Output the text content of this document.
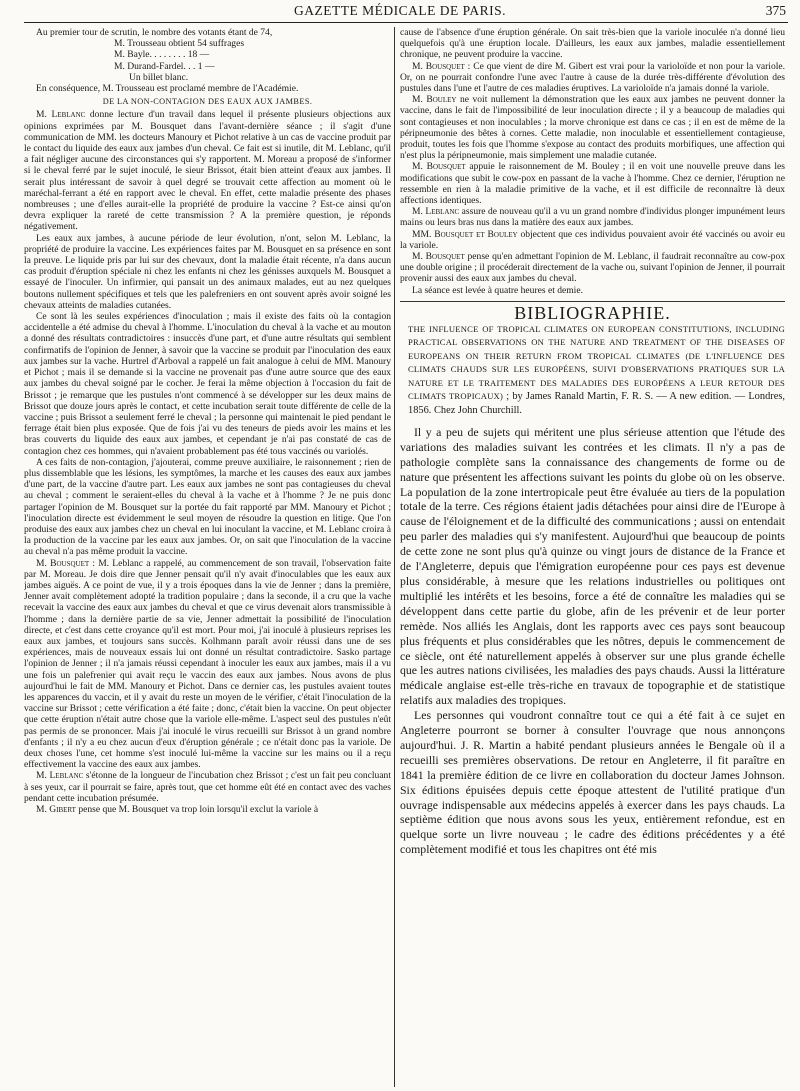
GAZETTE MÉDICALE DE PARIS.	375

Au premier tour de scrutin, le nombre des votants étant de 74,

M. Trousseau obtient 54 suffrages

M. Bayle. . . . . . . . 18 —

M. Durand-Fardel. . . 1 —

Un billet blanc.

En conséquence, M. Trousseau est proclamé membre de l'Académie.

DE LA NON-CONTAGION DES EAUX AUX JAMBES.

M. Leblanc donne lecture d'un travail dans lequel il présente plusieurs objections aux opinions exprimées par M. Bousquet dans l'avant-dernière séance ; il s'agit d'une communication de MM. les docteurs Manoury et Pichot relative à un cas de vaccine produit par le contact du liquide des eaux aux jambes d'un cheval. Ce fait est si inutile, dit M. Leblanc, qu'il a fait négliger aucune des circonstances qui s'y rapportent. M. Moreau a proposé de s'informer si le cheval ferré par le sujet inoculé, le sieur Brissot, était bien atteint d'eaux aux jambes. Il serait plus intéressant de savoir à quel degré se trouvait cette affection au moment où le maréchal-ferrant a été en rapport avec le cheval. En effet, cette maladie présente des phases nombreuses ; une d'elles aurait-elle la propriété de produire la vaccine ? Est-ce ainsi qu'on devra expliquer la rareté de cette transmission ? A la première question, je réponds négativement.

Les eaux aux jambes, à aucune période de leur évolution, n'ont, selon M. Leblanc, la propriété de produire la vaccine. Les expériences faites par M. Bousquet en sa présence en sont la preuve. Le liquide pris par lui sur des chevaux, dont la maladie était récente, n'a dans aucun cas produit d'éruption spéciale ni chez les enfants ni chez les génisses auxquels M. Bousquet a essayé de l'inoculer. Un infirmier, qui pansait un des animaux malades, eut au nez quelques boutons nullement spécifiques et tels que les palefreniers en ont souvent après avoir soigné les chevaux atteints de maladies cutanées.

Ce sont là les seules expériences d'inoculation ; mais il existe des faits où la contagion accidentelle a été admise du cheval à l'homme. L'inoculation du cheval à la vache et au mouton a donné des résultats contradictoires : insuccès d'une part, et d'une autre résultats qui semblent confirmatifs de l'opinion de Jenner, à savoir que la vaccine se produit par l'inoculation des eaux aux jambes sur la vache. Hurtrel d'Arboval a rappelé un fait analogue à celui de MM. Manoury et Pichot ; mais il se demande si la vaccine ne provenait pas d'une autre source que des eaux aux jambes du cheval soigné par le cocher. Je ferai la même objection à l'occasion du fait de Brissot ; je remarque que les pustules n'ont commencé à se développer sur les deux mains de Brissot que douze jours après le contact, et cette incubation serait toute différente de celle de la vaccine ; puis Brissot a seulement ferré le cheval ; la personne qui maintenait le pied pendant le ferrage était bien plus exposée. Que de fois j'ai vu des teneurs de pieds avoir les mains et les bras couverts du liquide des eaux aux jambes, et cependant je n'ai pas constaté de cas de contagion chez ces hommes, qui n'avaient probablement pas été tous vaccinés ou variolés.

A ces faits de non-contagion, j'ajouterai, comme preuve auxiliaire, le raisonnement ; rien de plus dissemblable que les lésions, les symptômes, la marche et les causes des eaux aux jambes d'une part, de la vaccine d'autre part. Les eaux aux jambes ne sont pas contagieuses du cheval au cheval ; comment le seraient-elles du cheval à la vache et à l'homme ? Je ne puis donc partager l'opinion de M. Bousquet sur la portée du fait rapporté par MM. Manoury et Pichot ; l'inoculation directe est évidemment le seul moyen de résoudre la question en litige. Que l'on produise des eaux aux jambes chez un cheval en lui inoculant la vaccine, et M. Leblanc croira à la production de la vaccine par les eaux aux jambes. Or, on sait que l'inoculation de la vaccine au cheval n'a pas même produit la vaccine.

M. Bousquet : M. Leblanc a rappelé, au commencement de son travail, l'observation faite par M. Moreau. Je dois dire que Jenner pensait qu'il n'y avait d'inoculables que les eaux aux jambes aiguës. A ce point de vue, il y a trois époques dans la vie de Jenner ; dans la première, Jenner avait complètement adopté la tradition populaire ; dans la seconde, il a cru que la vache recevait la vaccine des eaux aux jambes du cheval et que ce virus devenait alors transmissible à l'homme ; dans la dernière partie de sa vie, Jenner admettait la possibilité de l'inoculation directe, et c'est dans cette croyance qu'il est mort. Pour moi, j'ai inoculé à plusieurs reprises les eaux aux jambes, et toujours sans succès. Kolhmann paraît avoir réussi dans une de ses expériences, mais de nouveaux essais lui ont donné un résultat contradictoire. Sasko partage l'opinion de Jenner ; il n'a jamais réussi cependant à inoculer les eaux aux jambes, mais il a vu une fois un palefrenier qui avait reçu le vaccin des eaux aux jambes. Nous avons de plus aujourd'hui le fait de MM. Manoury et Pichot. Dans ce dernier cas, les pustules avaient toutes les apparences du vaccin, et il y avait du reste un moyen de le vérifier, c'était l'inoculation de la vaccine sur Brissot ; cette vérification a été faite ; donc, c'était bien la vaccine. On peut objecter que cette éruption n'était autre chose que la variole elle-même. L'aspect seul des pustules n'eût pas permis de se prononcer. Mais j'ai inoculé le virus recueilli sur Brissot à un grand nombre d'enfants ; il n'y a eu chez aucun d'eux d'éruption générale ; ce n'était donc pas la variole. De deux choses l'une, cet homme s'est inoculé lui-même la vaccine sur les mains ou il a reçu effectivement la vaccine des eaux aux jambes.

M. Leblanc s'étonne de la longueur de l'incubation chez Brissot ; c'est un fait peu concluant à ses yeux, car il pourrait se faire, après tout, que cet homme eût été en contact avec des vaches pendant cette incubation présumée.

M. Gibert pense que M. Bousquet va trop loin lorsqu'il exclut la variole à

cause de l'absence d'une éruption générale. On sait très-bien que la variole inoculée n'a donné lieu quelquefois qu'à une éruption locale. D'ailleurs, les eaux aux jambes, maladie essentiellement chronique, ne peuvent produire la vaccine.

M. Bousquet : Ce que vient de dire M. Gibert est vrai pour la varioloïde et non pour la variole. Or, on ne pourrait confondre l'une avec l'autre à cause de la durée très-différente d'évolution des pustules dans l'une et l'autre de ces maladies éruptives. La varioloïde n'a jamais donné la variole.

M. Bouley ne voit nullement la démonstration que les eaux aux jambes ne peuvent donner la vaccine, dans le fait de l'impossibilité de leur inoculation directe ; il y a beaucoup de maladies qui sont contagieuses et non inoculables ; la morve chronique est dans ce cas ; il en est de même de la péripneumonie des bêtes à cornes. Cette maladie, non inoculable et essentiellement contagieuse, produit, toutes les fois que l'homme s'expose au contact des produits morbifiques, une affection qui n'est plus la péripneumonie, mais simplement une maladie cutanée.

M. Bousquet appuie le raisonnement de M. Bouley ; il en voit une nouvelle preuve dans les modifications que subit le cow-pox en passant de la vache à l'homme. Chez ce dernier, l'éruption ne ressemble en rien à la maladie primitive de la vache, et il est difficile de reconnaître là deux affections identiques.

M. Leblanc assure de nouveau qu'il a vu un grand nombre d'individus plonger impunément leurs mains ou leurs bras nus dans la matière des eaux aux jambes.

MM. Bousquet et Bouley objectent que ces individus pouvaient avoir été vaccinés ou avoir eu la variole.

M. Bousquet pense qu'en admettant l'opinion de M. Leblanc, il faudrait reconnaître au cow-pox une double origine ; il procéderait directement de la vache ou, suivant l'opinion de Jenner, il pourrait provenir aussi des eaux aux jambes du cheval.

La séance est levée à quatre heures et demie.

BIBLIOGRAPHIE.

THE INFLUENCE OF TROPICAL CLIMATES ON EUROPEAN CONSTITUTIONS, INCLUDING PRACTICAL OBSERVATIONS ON THE NATURE AND TREATMENT OF THE DISEASES OF EUROPEANS ON THEIR RETURN FROM TROPICAL CLIMATES (DE L'INFLUENCE DES CLIMATS CHAUDS SUR LES EUROPÉENS, SUIVI D'OBSERVATIONS PRATIQUES SUR LA NATURE ET LE TRAITEMENT DES MALADIES DES EUROPÉENS A LEUR RETOUR DES CLIMATS TROPICAUX) ; by James Ranald Martin, F. R. S. — A new edition. — Londres, 1856. Chez John Churchill.

Il y a peu de sujets qui méritent une plus sérieuse attention que l'étude des variations des maladies suivant les contrées et les climats. Il n'y a pas de pathologie complète sans la connaissance des changements de forme ou de nature que présentent les affections suivant les points du globe où on les observe. La population de la zone intertropicale peut être évaluée au tiers de la population totale de la terre. Ces régions étaient jadis détachées pour ainsi dire de l'Europe à cause de l'éloignement et de la difficulté des communications ; aussi on entendait peu parler des maladies qui s'y manifestent. Aujourd'hui que beaucoup de points de cette zone ne sont plus qu'à quinze ou vingt jours de distance de la France et de l'Angleterre, depuis que l'émigration européenne pour ces pays est devenue plus considérable, à mesure que les relations industrielles ou politiques ont multiplié les intérêts et les besoins, force a été de connaître les maladies qui se développent dans cette partie du globe, afin de les prévenir et de leur porter remède. Nos alliés les Anglais, dont les rapports avec ces pays sont beaucoup plus fréquents et plus considérables que les nôtres, depuis le commencement de ce siècle, ont été naturellement appelés à observer sur une plus grande échelle que les autres nations civilisées, les maladies des pays chauds. Aussi la littérature médicale anglaise est-elle très-riche en travaux de topographie et de statistique relatifs aux maladies des tropiques.

Les personnes qui voudront connaître tout ce qui a été fait à ce sujet en Angleterre pourront se borner à consulter l'ouvrage que nous annonçons aujourd'hui. J. R. Martin a habité pendant plusieurs années le Bengale où il a recueilli ses premières observations. De retour en Angleterre, il fit paraître en 1841 la première édition de ce livre en collaboration du docteur James Johnson. Six éditions épuisées depuis cette époque attestent de l'utilité pratique d'un ouvrage indispensable aux médecins appelés à exercer dans les pays chauds. La septième édition que nous avons sous les yeux, entièrement refondue, est en quelque sorte un livre nouveau ; le cadre des éditions précédentes y a été complètement modifié et tous les chapitres ont été mis
